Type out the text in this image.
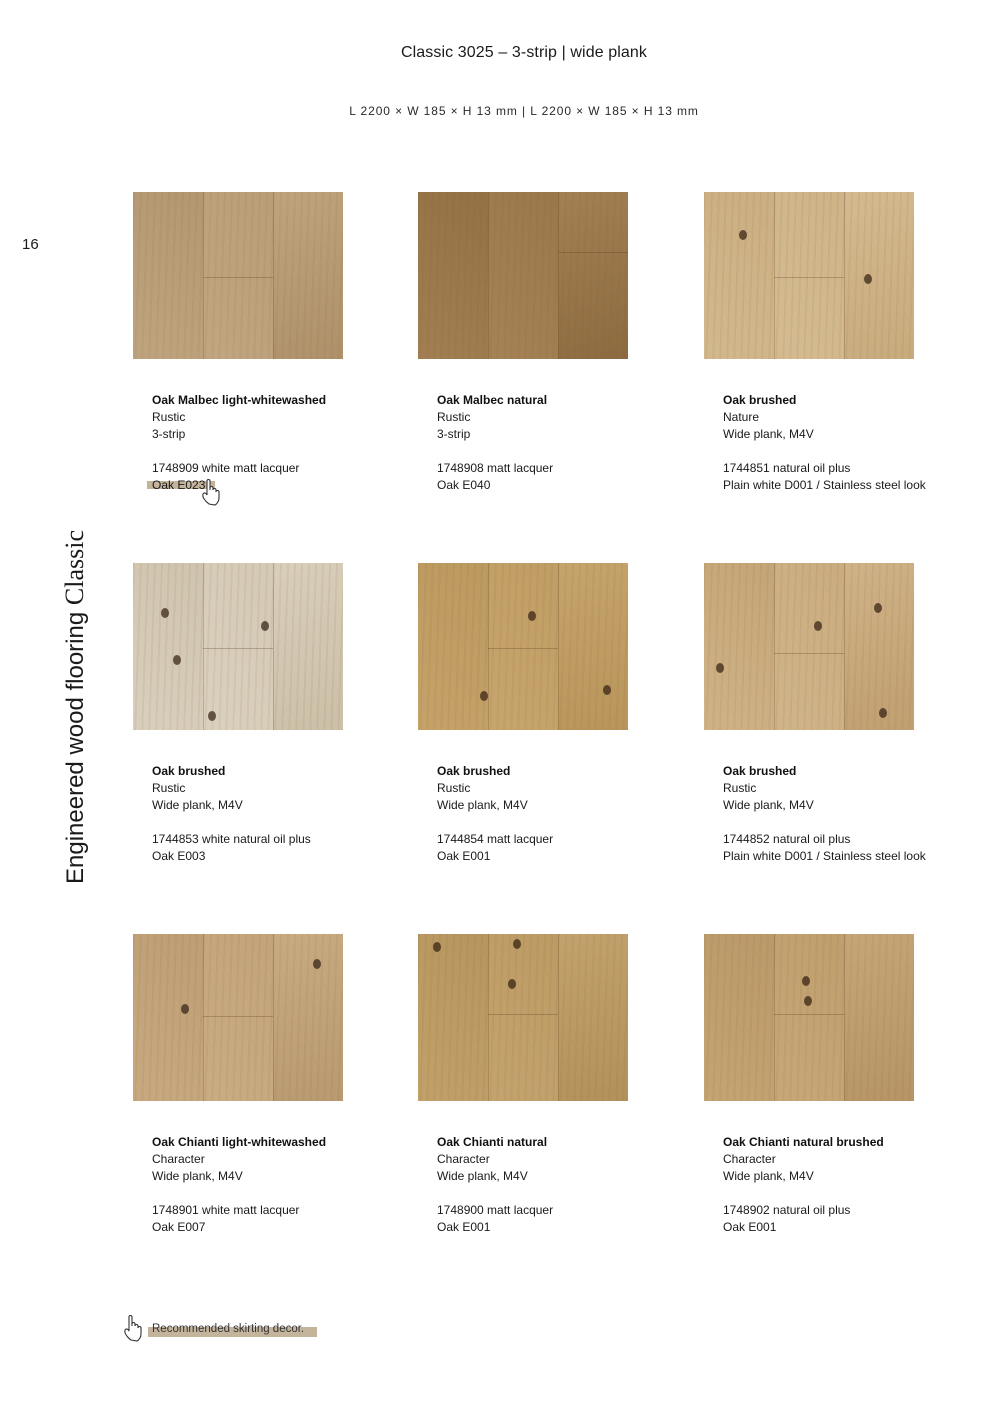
Classic 3025 – 3-strip | wide plank
L 2200 × W 185 × H 13 mm | L 2200 × W 185 × H 13 mm
16
Engineered wood flooring Classic
Oak Malbec light-whitewashed
Rustic
3-strip
1748909 white matt lacquer
Oak E023
Oak Malbec natural
Rustic
3-strip
1748908 matt lacquer
Oak E040
Oak brushed
Nature
Wide plank, M4V
1744851 natural oil plus
Plain white D001 / Stainless steel look
Oak brushed
Rustic
Wide plank, M4V
1744853 white natural oil plus
Oak E003
Oak brushed
Rustic
Wide plank, M4V
1744854 matt lacquer
Oak E001
Oak brushed
Rustic
Wide plank, M4V
1744852 natural oil plus
Plain white D001 / Stainless steel look
Oak Chianti light-whitewashed
Character
Wide plank, M4V
1748901 white matt lacquer
Oak E007
Oak Chianti natural
Character
Wide plank, M4V
1748900 matt lacquer
Oak E001
Oak Chianti natural brushed
Character
Wide plank, M4V
1748902 natural oil plus
Oak E001
Recommended skirting decor.
